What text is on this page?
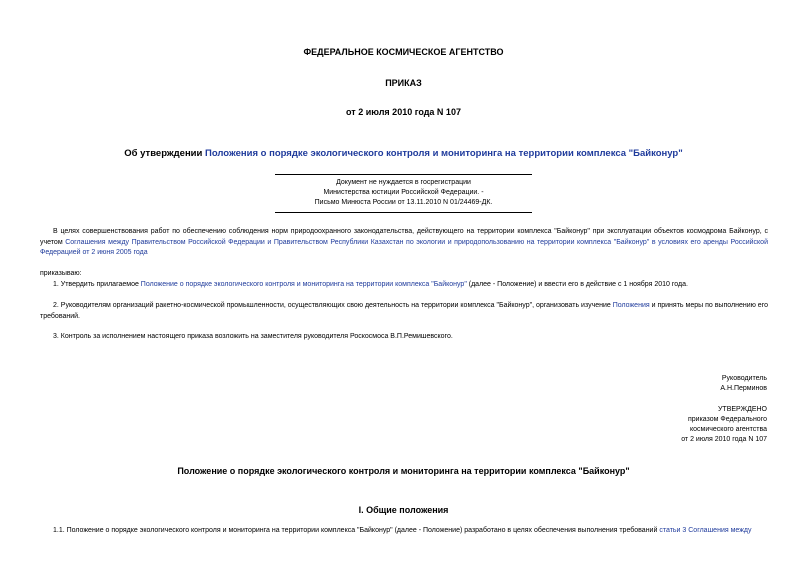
ФЕДЕРАЛЬНОЕ КОСМИЧЕСКОЕ АГЕНТСТВО
ПРИКАЗ
от 2 июля 2010 года N 107
Об утверждении Положения о порядке экологического контроля и мониторинга на территории комплекса "Байконур"
Документ не нуждается в госрегистрации
Министерства юстиции Российской Федерации. -
Письмо Минюста России от 13.11.2010 N 01/24469-ДК.
В целях совершенствования работ по обеспечению соблюдения норм природоохранного законодательства, действующего на территории комплекса "Байконур" при эксплуатации объектов космодрома Байконур, с учетом Соглашения между Правительством Российской Федерации и Правительством Республики Казахстан по экологии и природопользованию на территории комплекса "Байконур" в условиях его аренды Российской Федерацией от 2 июня 2005 года
приказываю:
1. Утвердить прилагаемое Положение о порядке экологического контроля и мониторинга на территории комплекса "Байконур" (далее - Положение) и ввести его в действие с 1 ноября 2010 года.
2. Руководителям организаций ракетно-космической промышленности, осуществляющих свою деятельность на территории комплекса "Байконур", организовать изучение Положения и принять меры по выполнению его требований.
3. Контроль за исполнением настоящего приказа возложить на заместителя руководителя Роскосмоса В.П.Ремишевского.
Руководитель
А.Н.Перминов
УТВЕРЖДЕНО
приказом Федерального
космического агентства
от 2 июля 2010 года N 107
Положение о порядке экологического контроля и мониторинга на территории комплекса "Байконур"
I. Общие положения
1.1. Положение о порядке экологического контроля и мониторинга на территории комплекса "Байконур" (далее - Положение) разработано в целях обеспечения выполнения требований статьи 3 Соглашения между
